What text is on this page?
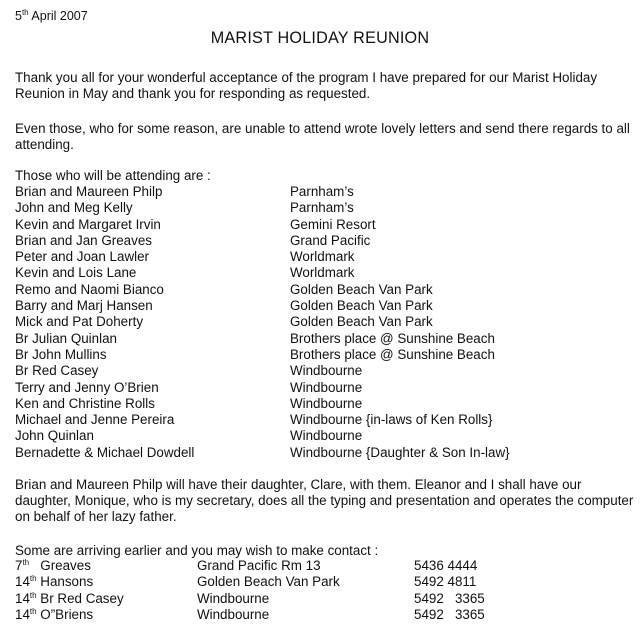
5th April 2007
MARIST HOLIDAY REUNION

Thank you all for your wonderful acceptance of the program I have prepared for our Marist Holiday Reunion in May and thank you for responding as requested.

Even those, who for some reason, are unable to attend wrote lovely letters and send there regards to all attending.

Those who will be attending are :
Brian and Maureen Philp	Parnham’s
John and Meg Kelly	Parnham’s
Kevin and Margaret Irvin	Gemini Resort
Brian and Jan Greaves	Grand Pacific
Peter and Joan Lawler	Worldmark
Kevin and Lois Lane	Worldmark
Remo and Naomi Bianco	Golden Beach Van Park
Barry and Marj Hansen	Golden Beach Van Park
Mick and Pat Doherty	Golden Beach Van Park
Br Julian Quinlan	Brothers place @ Sunshine Beach
Br John Mullins	Brothers place @ Sunshine Beach
Br Red Casey	Windbourne
Terry and Jenny O’Brien	Windbourne
Ken and Christine Rolls	Windbourne
Michael and Jenne Pereira	Windbourne {in-laws of Ken Rolls}
John Quinlan	Windbourne
Bernadette & Michael Dowdell	Windbourne {Daughter & Son In-law}

Brian and Maureen Philp will have their daughter, Clare, with them. Eleanor and I shall have our daughter, Monique, who is my secretary, does all the typing and presentation and operates the computer on behalf of her lazy father.

Some are arriving earlier and you may wish to make contact :
7th   Greaves	Grand Pacific Rm 13	5436 4444
14th Hansons	Golden Beach Van Park	5492 4811
14th Br Red Casey	Windbourne	5492   3365
14th O”Briens	Windbourne	5492   3365
